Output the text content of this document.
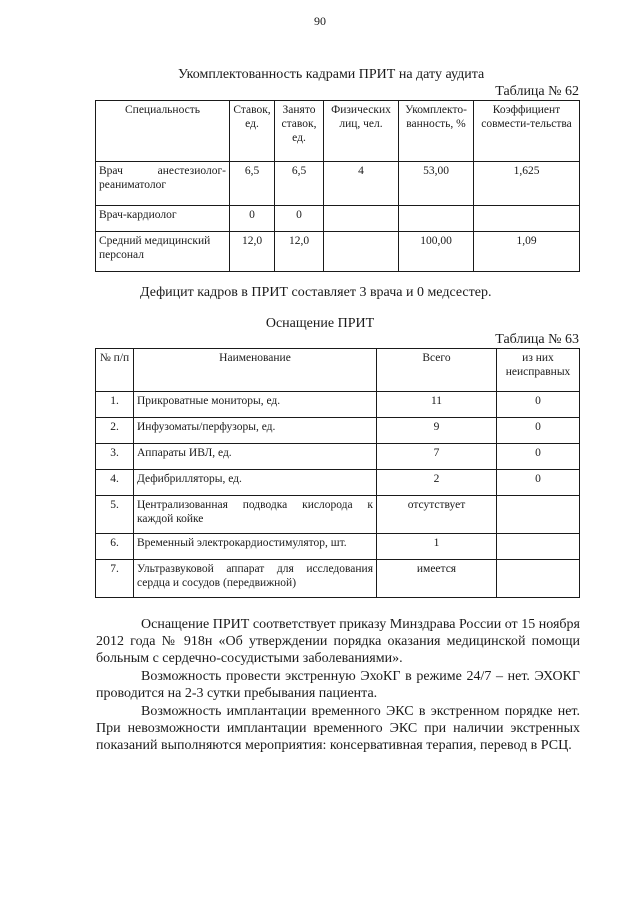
90
Укомплектованность кадрами ПРИТ на дату аудита
Таблица № 62
Специальность	Ставок, ед.	Занято ставок, ед.	Физических лиц, чел.	Укомплекто-ванность, %	Коэффициент совмести-тельства
Врач анестезиолог-реаниматолог	6,5	6,5	4	53,00	1,625
Врач-кардиолог	0	0			
Средний медицинский персонал	12,0	12,0		100,00	1,09
Дефицит кадров в ПРИТ составляет 3 врача и 0 медсестер.
Оснащение ПРИТ
Таблица № 63
№ п/п	Наименование	Всего	из них неисправных
1.	Прикроватные мониторы, ед.	11	0
2.	Инфузоматы/перфузоры, ед.	9	0
3.	Аппараты ИВЛ, ед.	7	0
4.	Дефибрилляторы, ед.	2	0
5.	Централизованная подводка кислорода к каждой койке	отсутствует	
6.	Временный электрокардиостимулятор, шт.	1	
7.	Ультразвуковой аппарат для исследования сердца и сосудов (передвижной)	имеется	
Оснащение ПРИТ соответствует приказу Минздрава России от 15 ноября 2012 года № 918н «Об утверждении порядка оказания медицинской помощи больным с сердечно-сосудистыми заболеваниями».
Возможность провести экстренную ЭхоКГ в режиме 24/7 – нет. ЭХОКГ проводится на 2-3 сутки пребывания пациента.
Возможность имплантации временного ЭКС в экстренном порядке нет. При невозможности имплантации временного ЭКС при наличии экстренных показаний выполняются мероприятия: консервативная терапия, перевод в РСЦ.
